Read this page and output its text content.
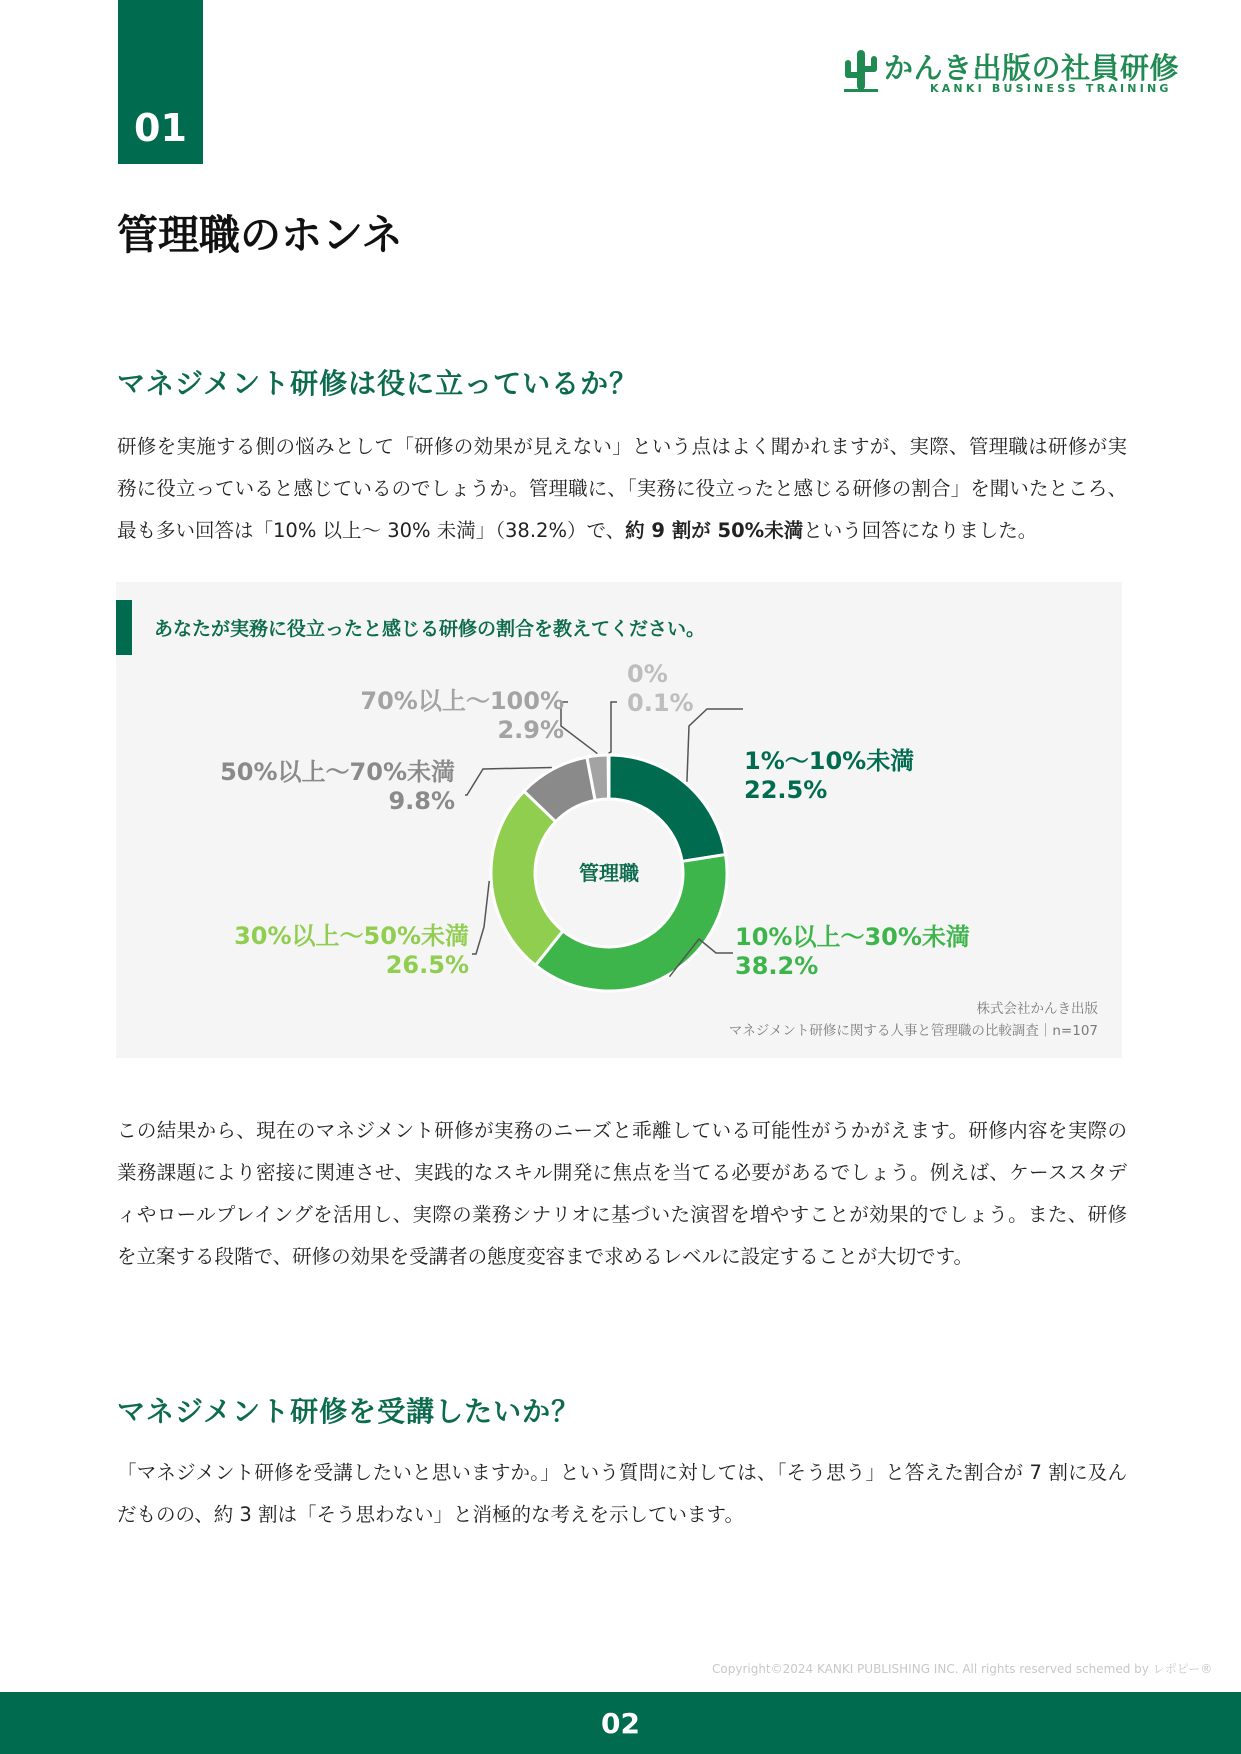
01
かんき出版の社員研修
KANKI BUSINESS TRAINING
管理職のホンネ
マネジメント研修は役に立っているか？

研修を実施する側の悩みとして「研修の効果が見えない」という点はよく聞かれますが、実際、管理職は研修が実務に役立っていると感じているのでしょうか。管理職に、「実務に役立ったと感じる研修の割合」を聞いたところ、最も多い回答は「10% 以上～ 30% 未満」（38.2%）で、約 9 割が 50%未満という回答になりました。

あなたが実務に役立ったと感じる研修の割合を教えてください。

1%～10%未満
22.5%
10%以上～30%未満
38.2%
30%以上～50%未満
26.5%
50%以上～70%未満
9.8%
70%以上～100%
2.9%
0%
0.1%
管理職
株式会社かんき出版
マネジメント研修に関する人事と管理職の比較調査｜n=107

この結果から、現在のマネジメント研修が実務のニーズと乖離している可能性がうかがえます。研修内容を実際の業務課題により密接に関連させ、実践的なスキル開発に焦点を当てる必要があるでしょう。例えば、ケーススタディやロールプレイングを活用し、実際の業務シナリオに基づいた演習を増やすことが効果的でしょう。また、研修を立案する段階で、研修の効果を受講者の態度変容まで求めるレベルに設定することが大切です。

マネジメント研修を受講したいか？

「マネジメント研修を受講したいと思いますか。」という質問に対しては、「そう思う」と答えた割合が 7 割に及んだものの、約 3 割は「そう思わない」と消極的な考えを示しています。

Copyright©2024 KANKI PUBLISHING INC. All rights reserved schemed by レポピー®
02
